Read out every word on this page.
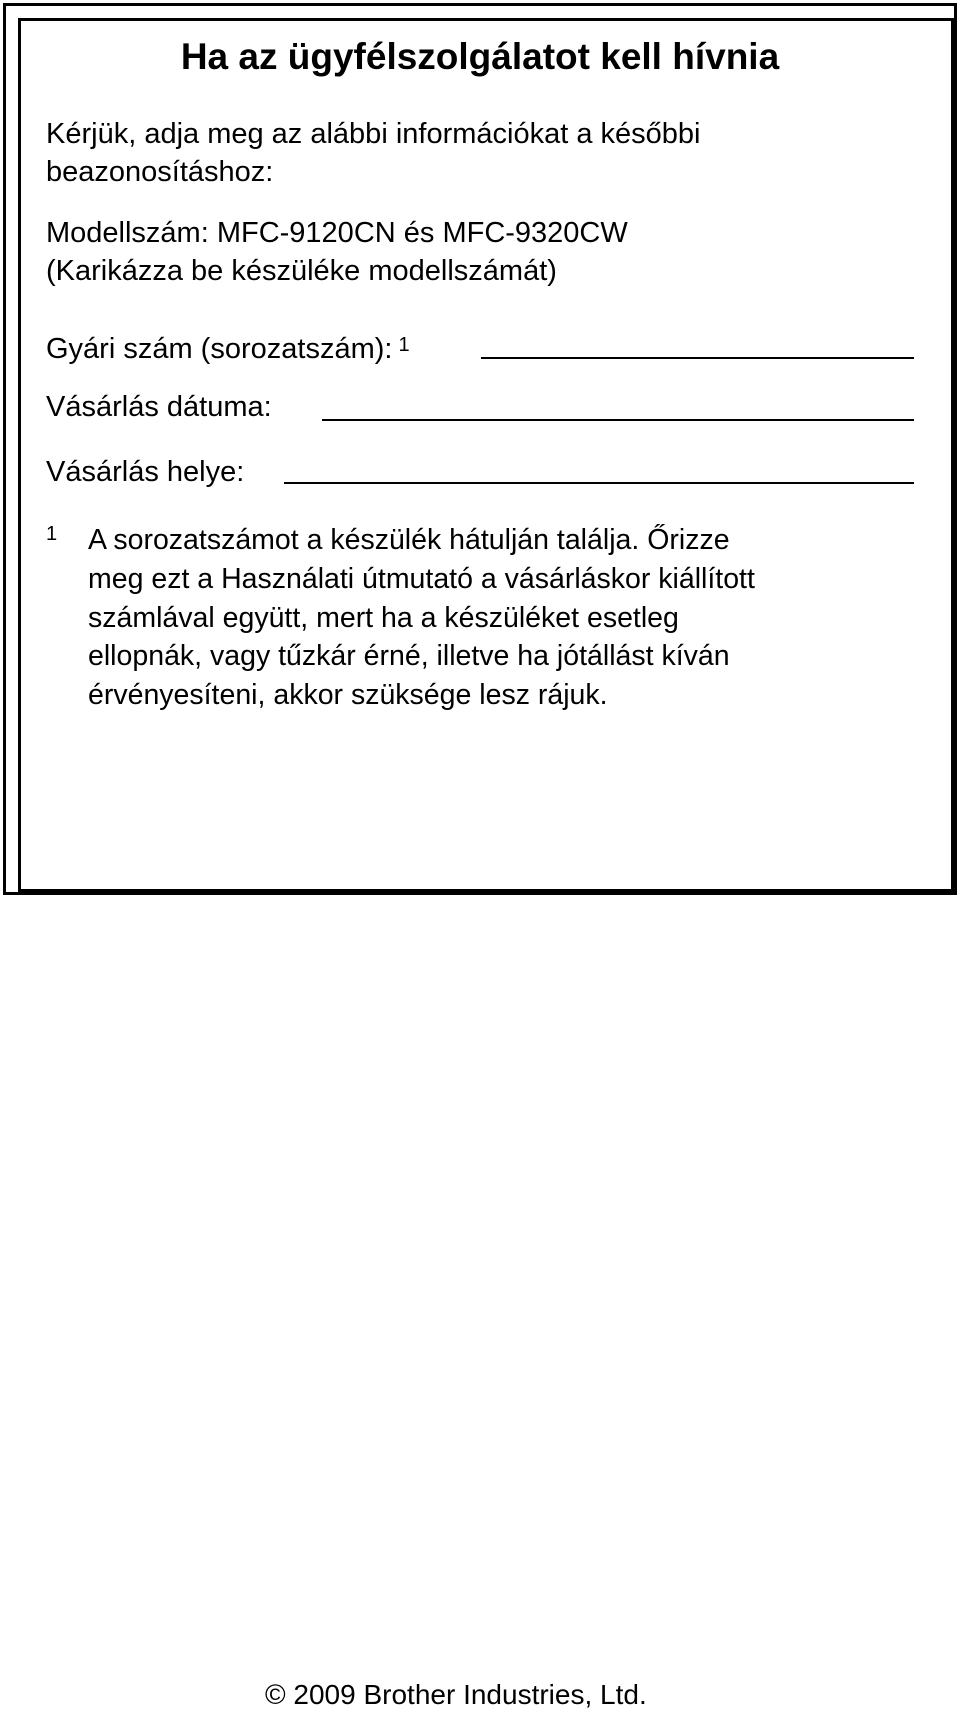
Ha az ügyfélszolgálatot kell hívnia

Kérjük, adja meg az alábbi információkat a későbbi

beazonosításhoz:

Modellszám: MFC-9120CN és MFC-9320CW

(Karikázza be készüléke modellszámát)

Gyári szám (sorozatszám): $^1$
Vásárlás dátuma:
Vásárlás helye:
1 A sorozatszámot a készülék hátulján találja. Őrizze
meg ezt a Használati útmutató a vásárláskor kiállított
számlával együtt, mert ha a készüléket esetleg
ellopnák, vagy tűzkár érné, illetve ha jótállást kíván
érvényesíteni, akkor szüksége lesz rájuk.

© 2009 Brother Industries, Ltd.
